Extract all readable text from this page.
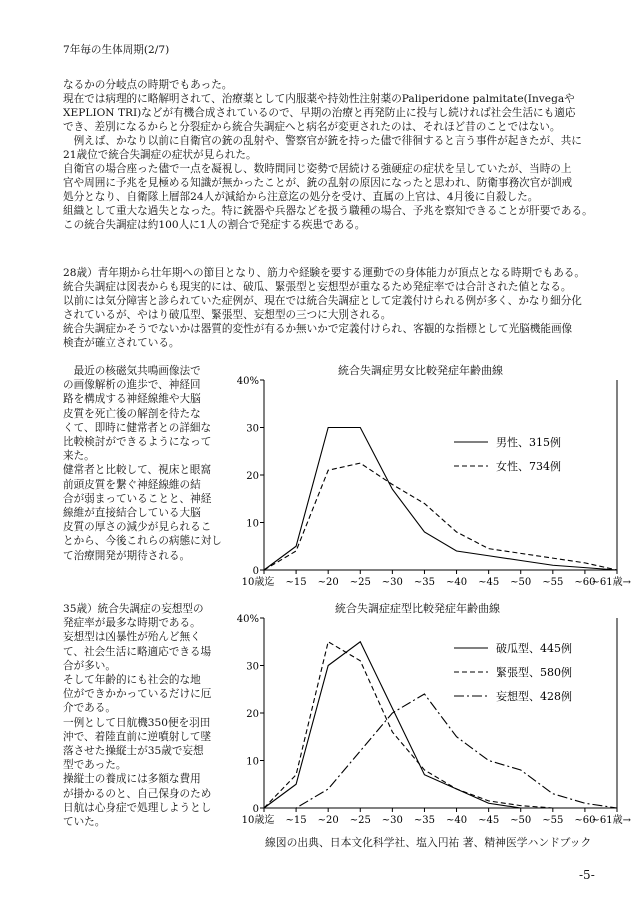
7年毎の生体周期(2/7)
なるかの分岐点の時期でもあった。
現在では病理的に略解明されて、治療薬として内服薬や持効性注射薬のPaliperidone palmitate(Invegaや
XEPLION TRI)などが有機合成されているので、早期の治療と再発防止に投与し続ければ社会生活にも適応
でき、差別になるからと分裂症から統合失調症へと病名が変更されたのは、それほど昔のことではない。
　例えば、かなり以前に自衛官の銃の乱射や、警察官が銃を持った儘で徘徊すると言う事件が起きたが、共に
21歳位で統合失調症の症状が見られた。
自衛官の場合座った儘で一点を凝視し、数時間同じ姿勢で居続ける強硬症の症状を呈していたが、当時の上
官や周囲に予兆を見極める知識が無かったことが、銃の乱射の原因になったと思われ、防衛事務次官が訓戒
処分となり、自衛隊上層部24人が減給から注意迄の処分を受け、直属の上官は、4月後に自殺した。
組織として重大な過失となった。特に銃器や兵器などを扱う職種の場合、予兆を察知できることが肝要である。
この統合失調症は約100人に1人の割合で発症する疾患である。
28歳）青年期から壮年期への節目となり、筋力や経験を要する運動での身体能力が頂点となる時期でもある。
統合失調症は図表からも現実的には、破瓜、緊張型と妄想型が重なるため発症率では合計された値となる。
以前には気分障害と診られていた症例が、現在では統合失調症として定義付けられる例が多く、かなり細分化
されているが、やはり破瓜型、緊張型、妄想型の三つに大別される。
統合失調症かそうでないかは器質的変性が有るか無いかで定義付けられ、客観的な指標として光脳機能画像
検査が確立されている。
　最近の核磁気共鳴画像法で
の画像解析の進歩で、神経回
路を構成する神経線維や大脳
皮質を死亡後の解剖を待たな
くて、即時に健常者との詳細な
比較検討ができるようになって
来た。
健常者と比較して、視床と眼窩
前頭皮質を繋ぐ神経線維の結
合が弱まっていることと、神経
線維が直接結合している大脳
皮質の厚さの減少が見られるこ
とから、今後これらの病態に対し
て治療開発が期待される。
35歳）統合失調症の妄想型の
発症率が最多な時期である。
妄想型は凶暴性が殆んど無く
て、社会生活に略適応できる場
合が多い。
そして年齢的にも社会的な地
位ができかかっているだけに厄
介である。
一例として日航機350便を羽田
沖で、着陸直前に逆噴射して墜
落させた操縦士が35歳で妄想
型であった。
操縦士の養成には多額な費用
が掛かるのと、自己保身のため
日航は心身症で処理しようとし
ていた。
統合失調症男女比較発症年齢曲線
40%
30
20
10
0
10歳迄 ~15 ~20 ~25 ~30 ~35 ~40 ~45 ~50 ~55 ~60
~61歳→
男性、315例
女性、734例
統合失調症症型比較発症年齢曲線
40%
30
20
10
0
10歳迄 ~15 ~20 ~25 ~30 ~35 ~40 ~45 ~50 ~55 ~60
~61歳→
破瓜型、445例
緊張型、580例
妄想型、428例
線図の出典、日本文化科学社、塩入円祐 著、精神医学ハンドブック
-5-
